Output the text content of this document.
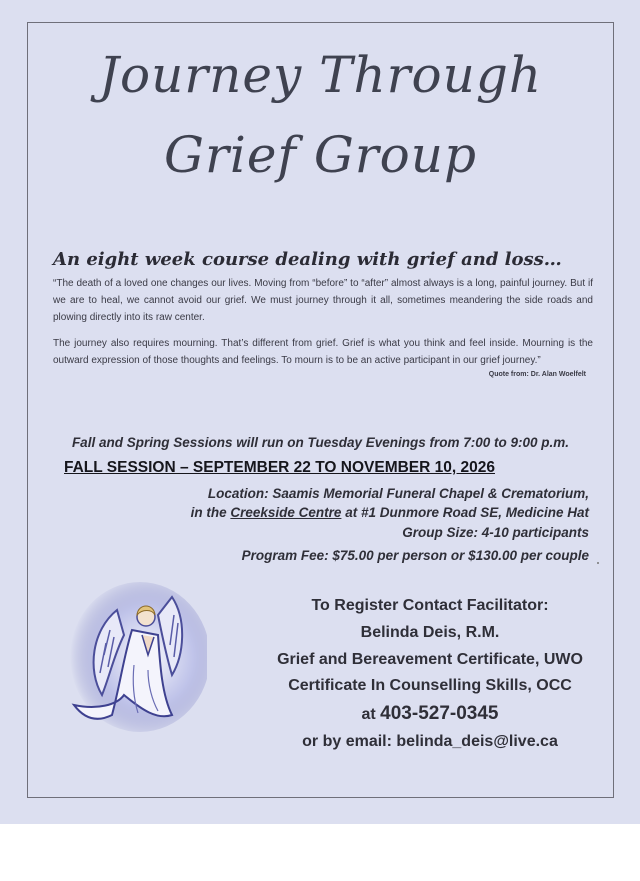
Journey Through
Grief Group
An eight week course dealing with grief and loss…
“The death of a loved one changes our lives. Moving from “before” to “after” almost always is a long, painful journey. But if we are to heal, we cannot avoid our grief. We must journey through it all, sometimes meandering the side roads and plowing directly into its raw center.
The journey also requires mourning. That’s different from grief. Grief is what you think and feel inside. Mourning is the outward expression of those thoughts and feelings. To mourn is to be an active participant in our grief journey.”
Quote from: Dr. Alan Woelfelt
Fall and Spring Sessions will run on Tuesday Evenings from 7:00 to 9:00 p.m.
FALL SESSION – SEPTEMBER 22 TO NOVEMBER 10, 2026
Location: Saamis Memorial Funeral Chapel & Crematorium,
in the Creekside Centre at #1 Dunmore Road SE, Medicine Hat
Group Size: 4-10 participants
Program Fee: $75.00 per person or $130.00 per couple
To Register Contact Facilitator:
Belinda Deis, R.M.
Grief and Bereavement Certificate, UWO
Certificate In Counselling Skills, OCC
at 403-527-0345
or by email: belinda_deis@live.ca
